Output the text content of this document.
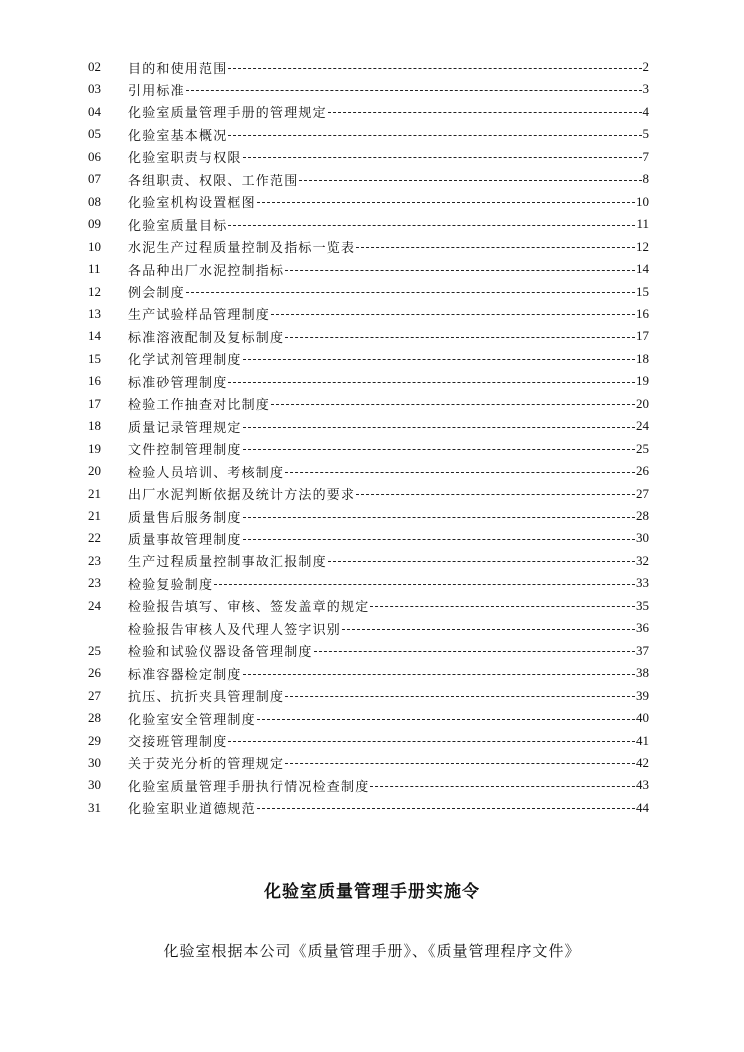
02 目的和使用范围	2
03 引用标准	3
04 化验室质量管理手册的管理规定	4
05 化验室基本概况	5
06 化验室职责与权限	7
07 各组职责、权限、工作范围	8
08 化验室机构设置框图	10
09 化验室质量目标	11
10 水泥生产过程质量控制及指标一览表	12
11 各品种出厂水泥控制指标	14
12 例会制度	15
13 生产试验样品管理制度	16
14 标准溶液配制及复标制度	17
15 化学试剂管理制度	18
16 标准砂管理制度	19
17 检验工作抽查对比制度	20
18 质量记录管理规定	24
19 文件控制管理制度	25
20 检验人员培训、考核制度	26
21 出厂水泥判断依据及统计方法的要求	27
21 质量售后服务制度	28
22 质量事故管理制度	30
23 生产过程质量控制事故汇报制度	32
23 检验复验制度	33
24 检验报告填写、审核、签发盖章的规定	35
检验报告审核人及代理人签字识别	36
25 检验和试验仪器设备管理制度	37
26 标准容器检定制度	38
27 抗压、抗折夹具管理制度	39
28 化验室安全管理制度	40
29 交接班管理制度	41
30 关于荧光分析的管理规定	42
30 化验室质量管理手册执行情况检查制度	43
31 化验室职业道德规范	44
化验室质量管理手册实施令
化验室根据本公司《质量管理手册》、《质量管理程序文件》
